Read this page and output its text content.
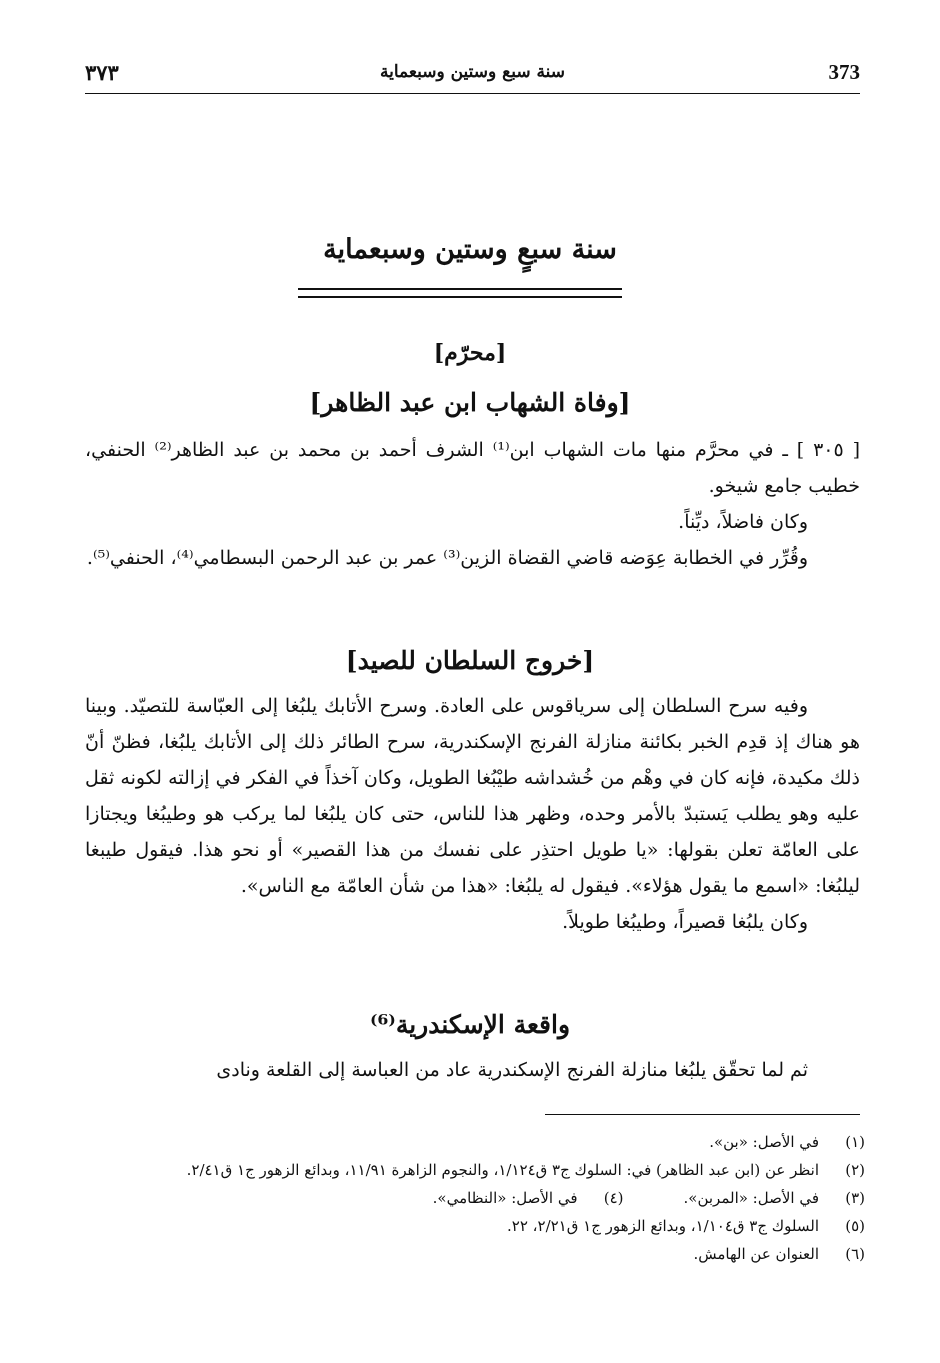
373
سنة سبع وستين وسبعماية
٣٧٣
سنة سبعٍ وستين وسبعماية
[محرّم]
[وفاة الشهاب ابن عبد الظاهر]

[ ٣٠٥ ] ـ في محرَّم منها مات الشهاب ابن⁽¹⁾ الشرف أحمد بن محمد بن عبد الظاهر⁽²⁾ الحنفي، خطيب جامع شيخو.

وكان فاضلاً، ديِّناً.

وقُرِّر في الخطابة عِوَضه قاضي القضاة الزين⁽³⁾ عمر بن عبد الرحمن البسطامي⁽⁴⁾، الحنفي⁽⁵⁾.

[خروج السلطان للصيد]

وفيه سرح السلطان إلى سرياقوس على العادة. وسرح الأتابك يلبُغا إلى العبّاسة للتصيّد. وبينا هو هناك إذ قدِم الخبر بكائنة منازلة الفرنج الإسكندرية، سرح الطائر ذلك إلى الأتابك يلبُغا، فظنّ أنّ ذلك مكيدة، فإنه كان في وهْم من خُشداشه طيْبُغا الطويل، وكان آخذاً في الفكر في إزالته لكونه ثقل عليه وهو يطلب يَستبدّ بالأمر وحده، وظهر هذا للناس، حتى كان يلبُغا لما يركب هو وطيبُغا ويجتازا على العامّة تعلن بقولها: «يا طويل احتذِر على نفسك من هذا القصير» أو نحو هذا. فيقول طيبغا ليلبُغا: «اسمع ما يقول هؤلاء». فيقول له يلبُغا: «هذا من شأن العامّة مع الناس».

وكان يلبُغا قصيراً، وطيبُغا طويلاً.

واقعة الإسكندرية⁽⁶⁾

ثم لما تحقّق يلبُغا منازلة الفرنج الإسكندرية عاد من العباسة إلى القلعة ونادى

(١)
في الأصل: «بن».
(٢)
انظر عن (ابن عبد الظاهر) في: السلوك ج٣ ق١/١٢٤، والنجوم الزاهرة ١١/٩١، وبدائع الزهور ج١ ق٢/٤١.
(٣)
في الأصل: «المربن».
(٤)
في الأصل: «النظامي».
(٥)
السلوك ج٣ ق١/١٠٤، وبدائع الزهور ج١ ق٢/٢١، ٢٢.
(٦)
العنوان عن الهامش.
